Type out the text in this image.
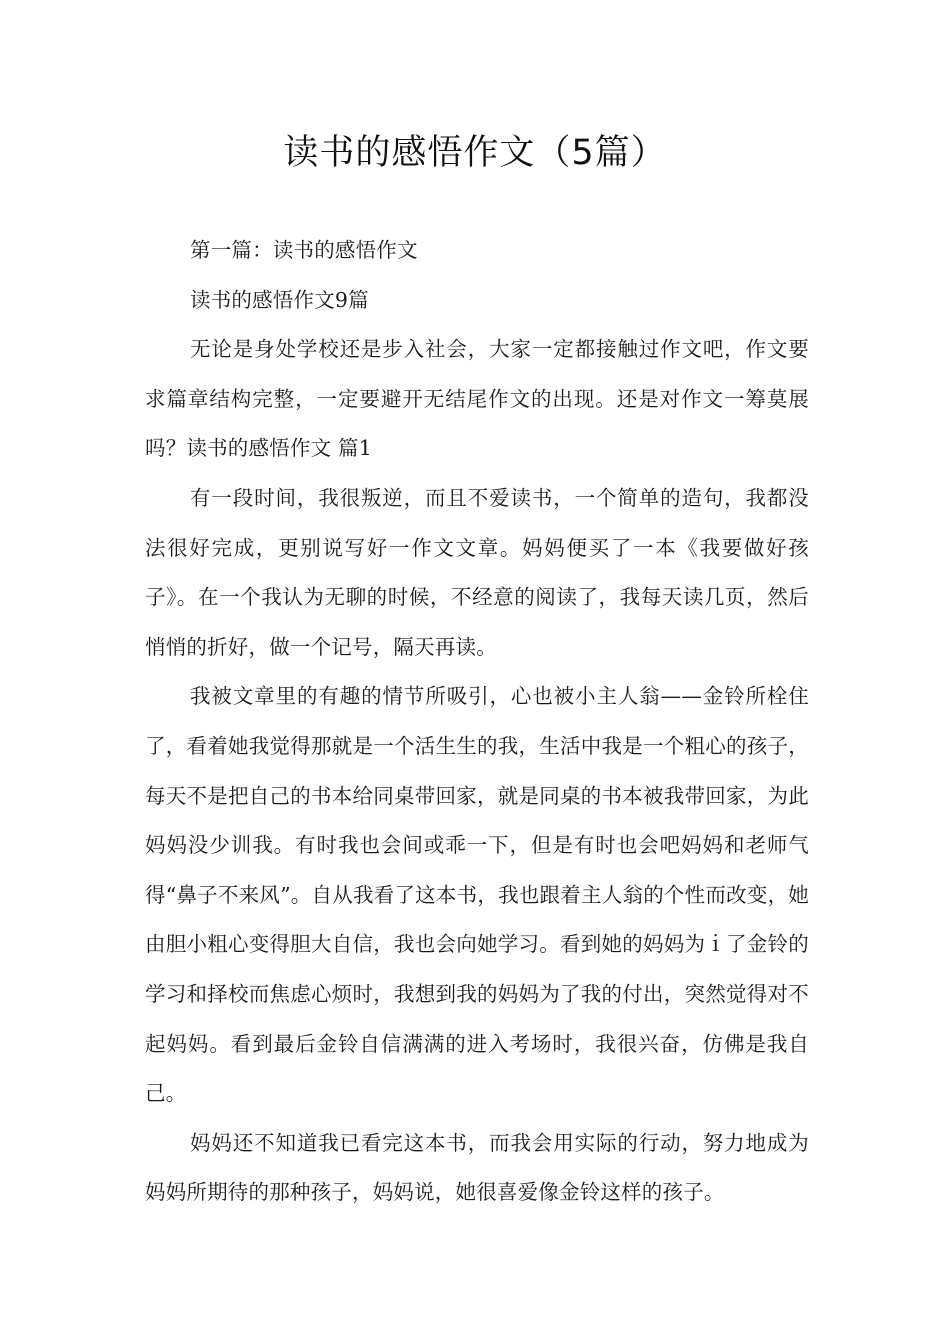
读书的感悟作文（5篇）

第一篇：读书的感悟作文

读书的感悟作文9篇

无论是身处学校还是步入社会，大家一定都接触过作文吧，作文要求篇章结构完整，一定要避开无结尾作文的出现。还是对作文一筹莫展吗？读书的感悟作文 篇1

有一段时间，我很叛逆，而且不爱读书，一个简单的造句，我都没法很好完成，更别说写好一作文文章。妈妈便买了一本《我要做好孩子》。在一个我认为无聊的时候，不经意的阅读了，我每天读几页，然后悄悄的折好，做一个记号，隔天再读。

我被文章里的有趣的情节所吸引，心也被小主人翁——金铃所栓住了，看着她我觉得那就是一个活生生的我，生活中我是一个粗心的孩子，每天不是把自己的书本给同桌带回家，就是同桌的书本被我带回家，为此妈妈没少训我。有时我也会间或乖一下，但是有时也会吧妈妈和老师气得“鼻子不来风”。自从我看了这本书，我也跟着主人翁的个性而改变，她由胆小粗心变得胆大自信，我也会向她学习。看到她的妈妈为ｉ了金铃的学习和择校而焦虑心烦时，我想到我的妈妈为了我的付出，突然觉得对不起妈妈。看到最后金铃自信满满的进入考场时，我很兴奋，仿佛是我自己。

妈妈还不知道我已看完这本书，而我会用实际的行动，努力地成为妈妈所期待的那种孩子，妈妈说，她很喜爱像金铃这样的孩子。
